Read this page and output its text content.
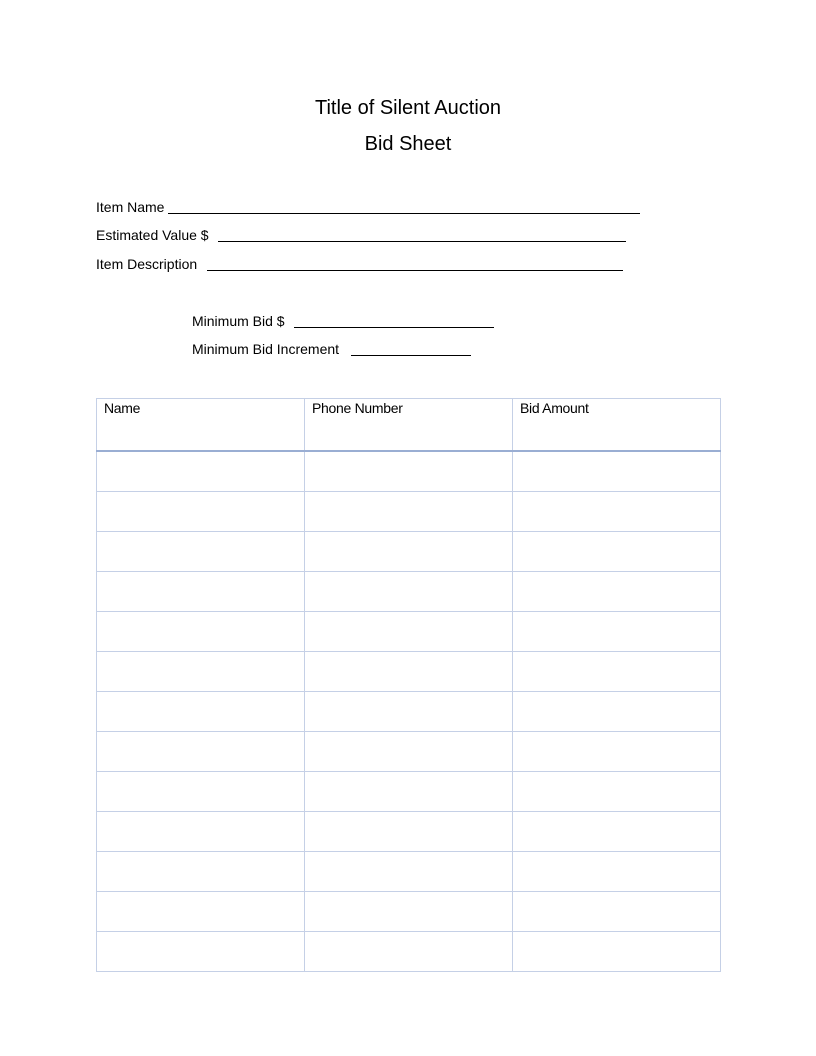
Title of Silent Auction
Bid Sheet
Item Name
Estimated Value $
Item Description
Minimum Bid $
Minimum Bid Increment
Name	Phone Number	Bid Amount
